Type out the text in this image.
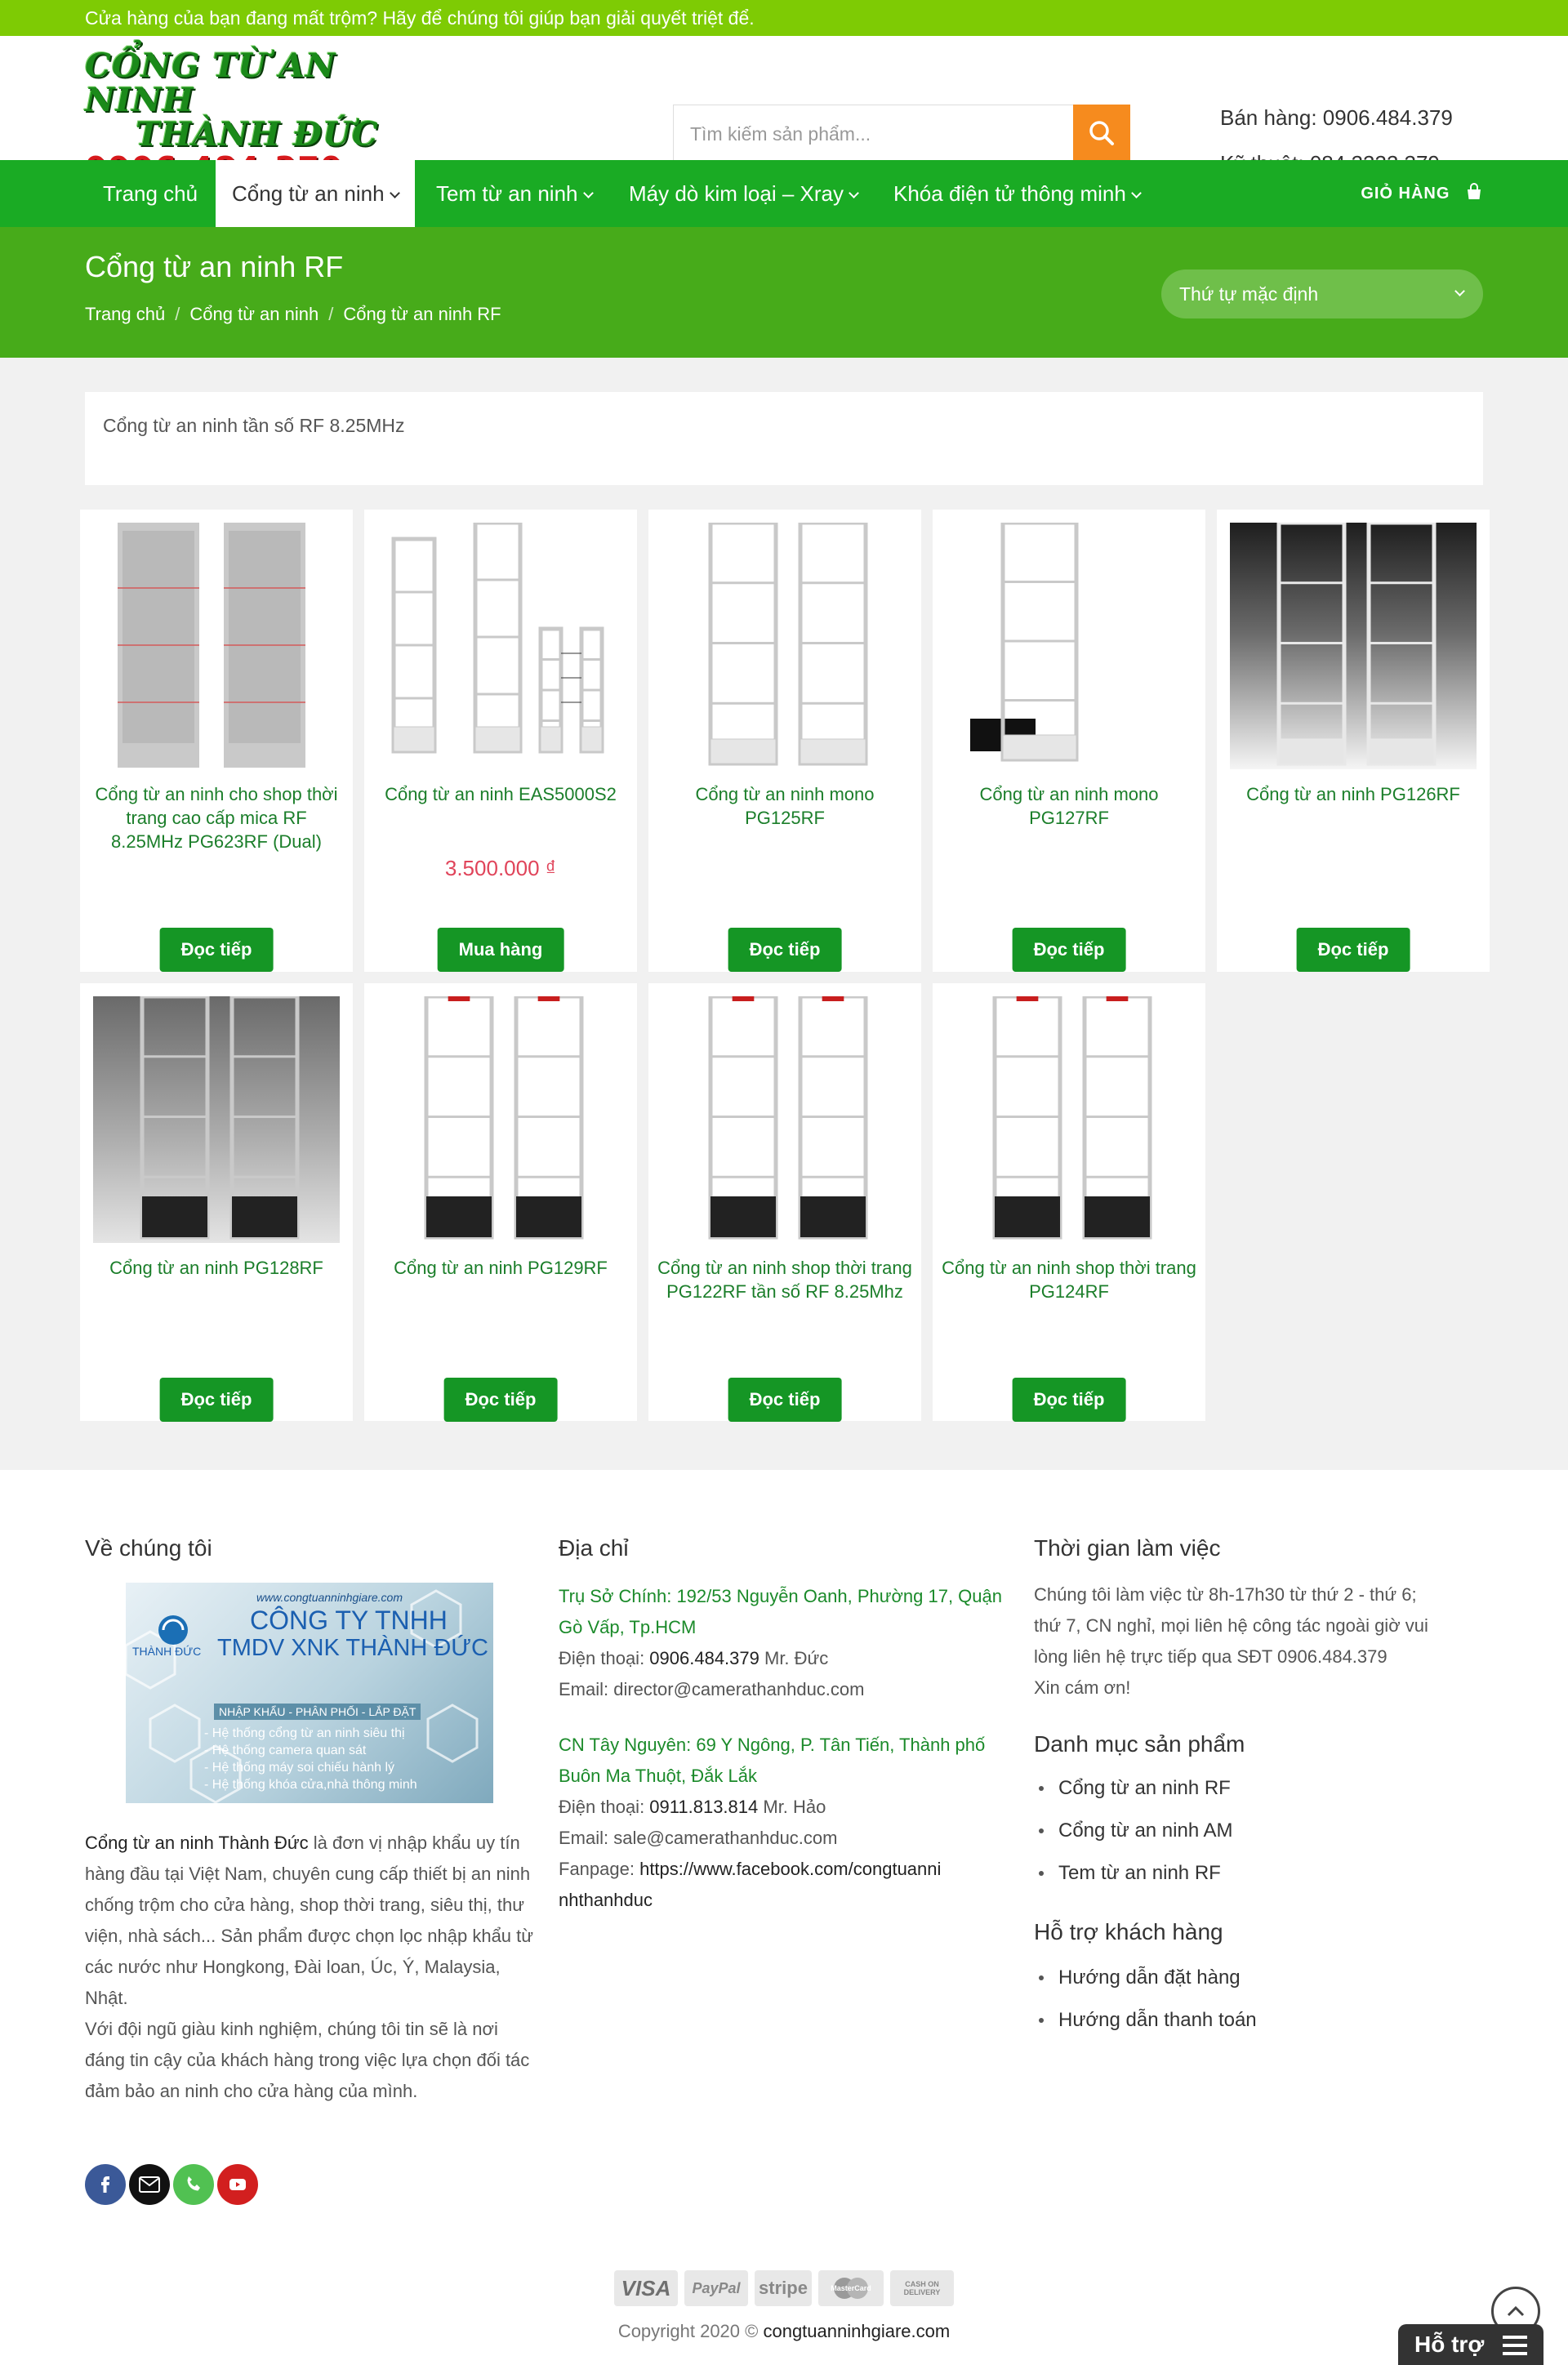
Cửa hàng của bạn đang mất trộm? Hãy để chúng tôi giúp bạn giải quyết triệt để.
CỔNG TỪ AN NINH
THÀNH ĐỨC	Tìm kiếm sản phẩm...
Bán hàng: 0906.484.379
Trang chủ	Cổng từ an ninh	Tem từ an ninh	Máy dò kim loại – Xray	Khóa điện tử thông minh	GIỎ HÀNG
Cổng từ an ninh RF
Trang chủ / Cổng từ an ninh / Cổng từ an ninh RF
Thứ tự mặc định
Cổng từ an ninh tần số RF 8.25MHz
Cổng từ an ninh cho shop thời trang cao cấp mica RF 8.25MHz PG623RF (Dual)
Đọc tiếp
Cổng từ an ninh EAS5000S2
3.500.000 ₫
Mua hàng
Cổng từ an ninh mono PG125RF
Đọc tiếp
Cổng từ an ninh mono PG127RF
Đọc tiếp
Cổng từ an ninh PG126RF
Đọc tiếp
Cổng từ an ninh PG128RF
Đọc tiếp
Cổng từ an ninh PG129RF
Đọc tiếp
Cổng từ an ninh shop thời trang PG122RF tần số RF 8.25Mhz
Đọc tiếp
Cổng từ an ninh shop thời trang PG124RF
Đọc tiếp
Về chúng tôi
www.congtuanninhgiare.com
CÔNG TY TNHH
THÀNH ĐỨC TMDV XNK THÀNH ĐỨC
NHẬP KHẨU - PHÂN PHỐI - LẮP ĐẶT
- Hệ thống cổng từ an ninh siêu thị
- Hệ thống camera quan sát
- Hệ thống máy soi chiếu hành lý
- Hệ thống khóa cửa,nhà thông minh
Cổng từ an ninh Thành Đức là đơn vị nhập khẩu uy tín hàng đầu tại Việt Nam, chuyên cung cấp thiết bị an ninh chống trộm cho cửa hàng, shop thời trang, siêu thị, thư viện, nhà sách... Sản phẩm được chọn lọc nhập khẩu từ các nước như Hongkong, Đài loan, Úc, Ý, Malaysia, Nhật.
Với đội ngũ giàu kinh nghiệm, chúng tôi tin sẽ là nơi đáng tin cậy của khách hàng trong việc lựa chọn đối tác đảm bảo an ninh cho cửa hàng của mình.
Địa chỉ
Trụ Sở Chính: 192/53 Nguyễn Oanh, Phường 17, Quận Gò Vấp, Tp.HCM
Điện thoại: 0906.484.379 Mr. Đức
Email: director@camerathanhduc.com
CN Tây Nguyên: 69 Y Ngông, P. Tân Tiến, Thành phố Buôn Ma Thuột, Đắk Lắk
Điện thoại: 0911.813.814 Mr. Hảo
Email: sale@camerathanhduc.com
Fanpage: https://www.facebook.com/congtuanni
nhthanhduc
Thời gian làm việc
Chúng tôi làm việc từ 8h-17h30 từ thứ 2 - thứ 6;
thứ 7, CN nghỉ, mọi liên hệ công tác ngoài giờ vui
lòng liên hệ trực tiếp qua SĐT 0906.484.379
Xin cám ơn!
Danh mục sản phẩm
Cổng từ an ninh RF
Cổng từ an ninh AM
Tem từ an ninh RF
Hỗ trợ khách hàng
Hướng dẫn đặt hàng
Hướng dẫn thanh toán
VISA	PayPal	stripe	MasterCard	CASH ON DELIVERY
Copyright 2020 © congtuanninhgiare.com
Hỗ trợ
